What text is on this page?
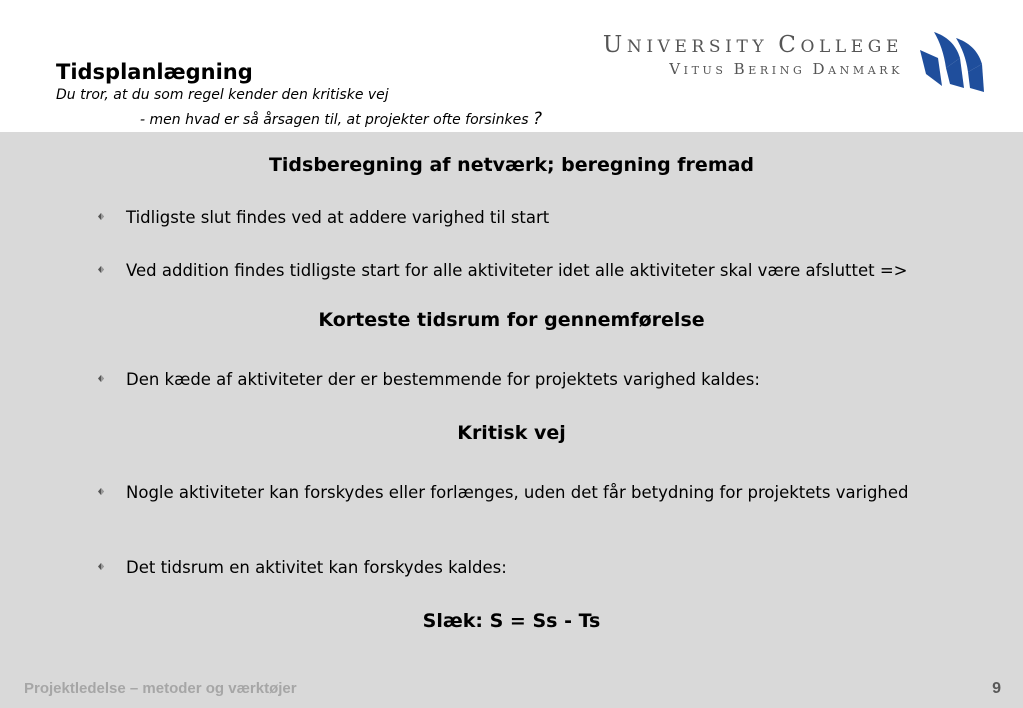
Tidsplanlægning
Du tror, at du som regel kender den kritiske vej
- men hvad er så årsagen til, at projekter ofte forsinkes ?
UNIVERSITY COLLEGE
VITUS BERING DANMARK
Tidsberegning af netværk; beregning fremad
Tidligste slut findes ved at addere varighed til start
Ved addition findes tidligste start for alle aktiviteter idet alle aktiviteter skal være afsluttet =>
Korteste tidsrum for gennemførelse
Den kæde af aktiviteter der er bestemmende for projektets varighed kaldes:
Kritisk vej
Nogle aktiviteter kan forskydes eller forlænges, uden det får betydning for projektets varighed
Det tidsrum en aktivitet kan forskydes kaldes:
Slæk: S = Ss - Ts
Projektledelse – metoder og værktøjer	9
